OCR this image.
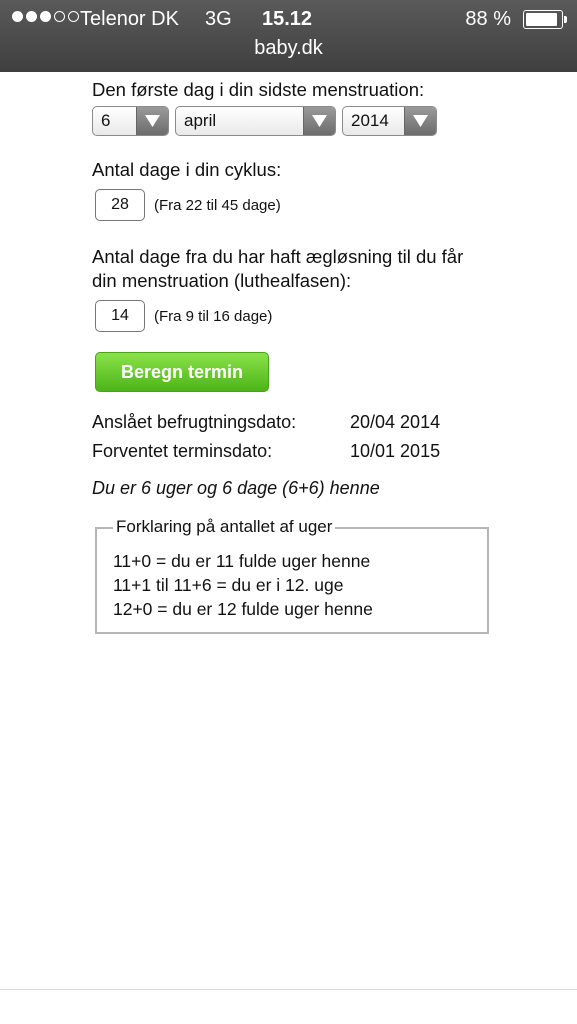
Telenor DK 3G 15.12	88 %
baby.dk
Den første dag i din sidste menstruation:
6	april	2014
Antal dage i din cyklus:
28	(Fra 22 til 45 dage)
Antal dage fra du har haft ægløsning til du får
din menstruation (luthealfasen):
14	(Fra 9 til 16 dage)
Beregn termin
Anslået befrugtningsdato:	20/04 2014
Forventet terminsdato:	10/01 2015
Du er 6 uger og 6 dage (6+6) henne
Forklaring på antallet af uger
11+0 = du er 11 fulde uger henne
11+1 til 11+6 = du er i 12. uge
12+0 = du er 12 fulde uger henne
